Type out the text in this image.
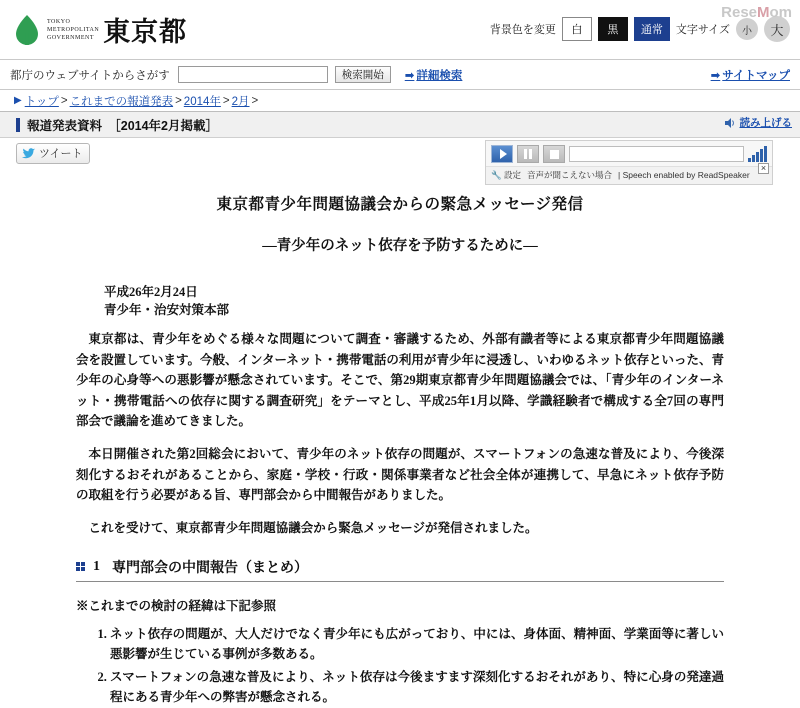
ReseMom
TOKYO
METROPOLITAN
GOVERNMENT 東京都	背景色を変更	白	黒	通常	文字サイズ	小	大
都庁のウェブサイトからさがす	検索開始	➡ 詳細検索	➡ サイトマップ
▶ トップ > これまでの報道発表 > 2014年 > 2月 >
報道発表資料　［2014年2月掲載］	読み上げる
ツイート
🔧 設定 音声が聞こえない場合 | Speech enabled by ReadSpeaker
×
東京都青少年問題協議会からの緊急メッセージ発信
—青少年のネット依存を予防するために—
平成26年2月24日
青少年・治安対策本部

東京都は、青少年をめぐる様々な問題について調査・審議するため、外部有識者等による東京都青少年問題協議会を設置しています。今般、インターネット・携帯電話の利用が青少年に浸透し、いわゆるネット依存といった、青少年の心身等への悪影響が懸念されています。そこで、第29期東京都青少年問題協議会では、「青少年のインターネット・携帯電話への依存に関する調査研究」をテーマとし、平成25年1月以降、学識経験者で構成する全7回の専門部会で議論を進めてきました。

本日開催された第2回総会において、青少年のネット依存の問題が、スマートフォンの急速な普及により、今後深刻化するおそれがあることから、家庭・学校・行政・関係事業者など社会全体が連携して、早急にネット依存予防の取組を行う必要がある旨、専門部会から中間報告がありました。

これを受けて、東京都青少年問題協議会から緊急メッセージが発信されました。

1 専門部会の中間報告（まとめ）
※これまでの検討の経緯は下記参照
1. ネット依存の問題が、大人だけでなく青少年にも広がっており、中には、身体面、精神面、学業面等に著しい悪影響が生じている事例が多数ある。
2. スマートフォンの急速な普及により、ネット依存は今後ますます深刻化するおそれがあり、特に心身の発達過程にある青少年への弊害が懸念される。
